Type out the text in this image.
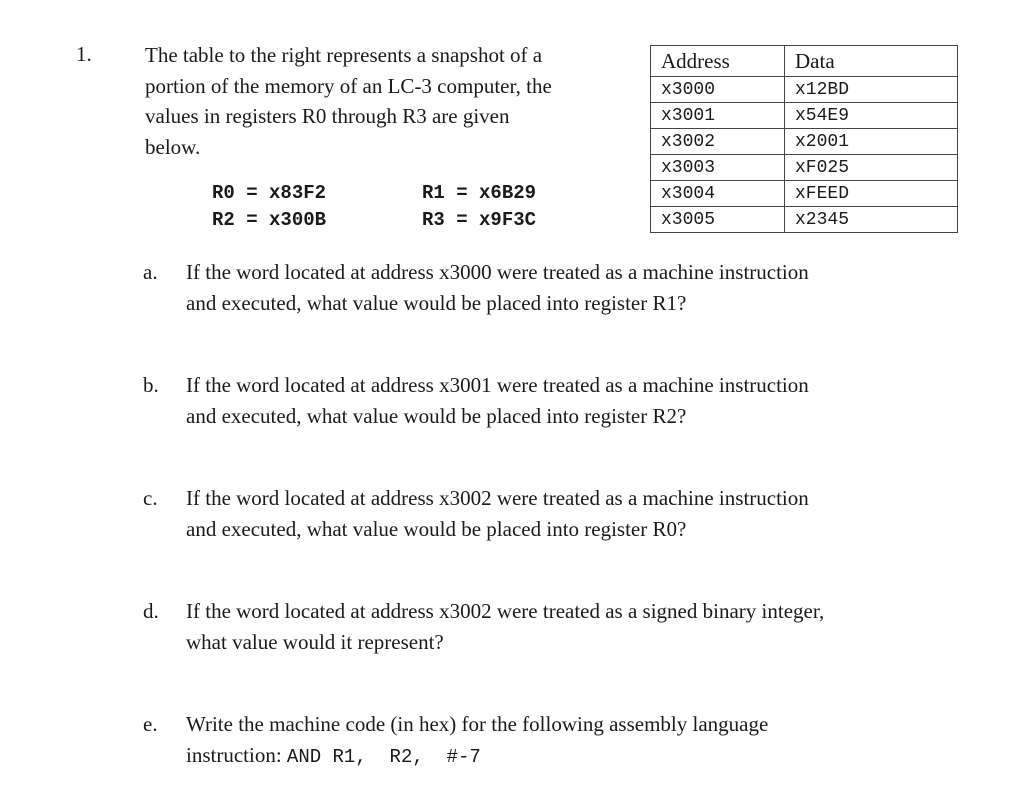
1.	The table to the right represents a snapshot of a
portion of the memory of an LC-3 computer, the
values in registers R0 through R3 are given
below.
R0 = x83F2	R1 = x6B29
R2 = x300B	R3 = x9F3C
Address	Data
x3000	x12BD
x3001	x54E9
x3002	x2001
x3003	xF025
x3004	xFEED
x3005	x2345
a. If the word located at address x3000 were treated as a machine instruction
and executed, what value would be placed into register R1?
b. If the word located at address x3001 were treated as a machine instruction
and executed, what value would be placed into register R2?
c. If the word located at address x3002 were treated as a machine instruction
and executed, what value would be placed into register R0?
d. If the word located at address x3002 were treated as a signed binary integer,
what value would it represent?
e. Write the machine code (in hex) for the following assembly language
instruction: AND R1,  R2,  #-7
